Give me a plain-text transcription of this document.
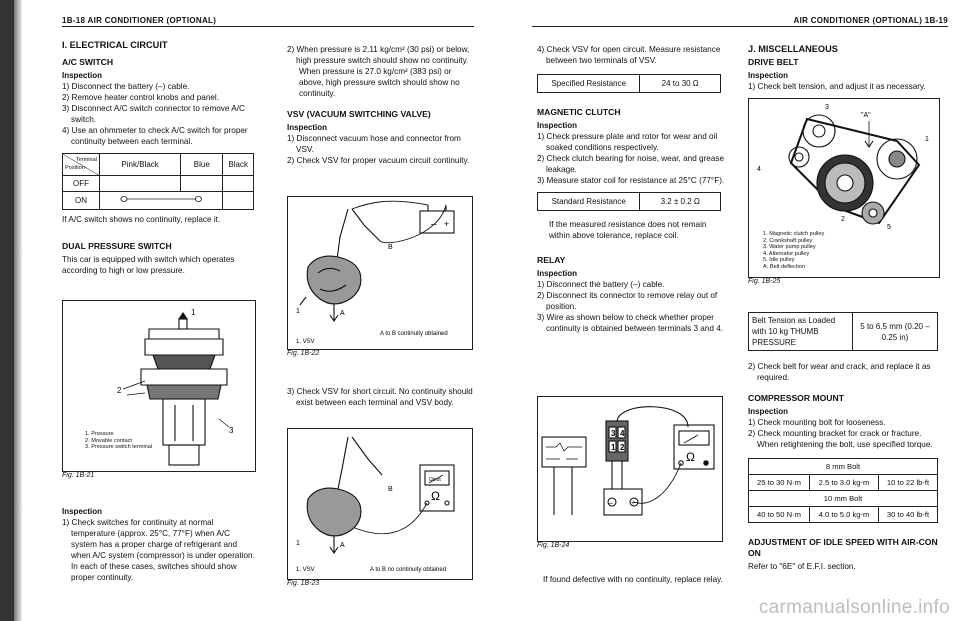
1B-18 AIR CONDITIONER (OPTIONAL)	AIR CONDITIONER (OPTIONAL) 1B-19

I. ELECTRICAL CIRCUIT

A/C SWITCH

Inspection

1) Disconnect the battery (–) cable.

2) Remove heater control knobs and panel.

3) Disconnect A/C switch connector to remove A/C switch.

4) Use an ohmmeter to check A/C switch for proper continuity between each terminal.

Terminal
Position	Pink/Black	Blue	Black
OFF			
ON		

If A/C switch shows no continuity, replace it.

DUAL PRESSURE SWITCH

This car is equipped with switch which operates according to high or low pressure.

1
2
3
1. Pressure
2. Movable contact
3. Pressure switch terminal
Fig. 1B-21

Inspection

1) Check switches for continuity at normal temperature (approx. 25°C, 77°F) when A/C system has a proper charge of refrigerant and when A/C system (compressor) is under operation. In each of these cases, switches should show proper continuity.

2) When pressure is 2.11 kg/cm² (30 psi) or below, high pressure switch should show no continuity.

When pressure is 27.0 kg/cm² (383 psi) or above, high pressure switch should show no continuity.

VSV (VACUUM SWITCHING VALVE)

Inspection

1) Disconnect vacuum hose and connector from VSV.

2) Check VSV for proper vacuum circuit continuity.

– +
1	A
B
1. VSV
A to B continuity obtained
Fig. 1B-22

3) Check VSV for short circuit. No continuity should exist between each terminal and VSV body.

Ωtest
Ω
1	A
B
1. VSV	A to B no continuity obtained
Fig. 1B-23

4) Check VSV for open circuit. Measure resistance between two terminals of VSV.

Specified Resistance	24 to 30 Ω

MAGNETIC CLUTCH

Inspection

1) Check pressure plate and rotor for wear and oil soaked conditions respectively.

2) Check clutch bearing for noise, wear, and grease leakage.

3) Measure stator coil for resistance at 25°C (77°F).

Standard Resistance	3.2 ± 0.2 Ω

If the measured resistance does not remain within above tolerance, replace coil.

RELAY

Inspection

1) Disconnect the battery (–) cable.

2) Disconnect its connector to remove relay out of position.

3) Wire as shown below to check whether proper continuity is obtained between terminals 3 and 4.

3 4
1 2
Ω
–	+
Fig. 1B-24

If found defective with no continuity, replace relay.

J. MISCELLANEOUS

DRIVE BELT

Inspection

1) Check belt tension, and adjust it as necessary.

3
1
4
2
5
"A"
1. Magnetic clutch pulley
2. Crankshaft pulley
3. Water pump pulley
4. Alternator pulley
5. Idle pulley
A: Belt deflection
Fig. 1B-25
Belt Tension as Loaded with 10 kg THUMB PRESSURE	5 to 6.5 mm (0.20 – 0.25 in)

2) Check belt for wear and crack, and replace it as required.

COMPRESSOR MOUNT

Inspection

1) Check mounting bolt for looseness.

2) Check mounting bracket for crack or fracture. When retightening the bolt, use specified torque.

8 mm Bolt		
25 to 30 N·m	2.5 to 3.0 kg-m	10 to 22 lb-ft
10 mm Bolt		
40 to 50 N·m	4.0 to 5.0 kg-m	30 to 40 lb-ft

ADJUSTMENT OF IDLE SPEED WITH AIR-CON ON

Refer to "6E" of E.F.I. section.

carmanualsonline.info
